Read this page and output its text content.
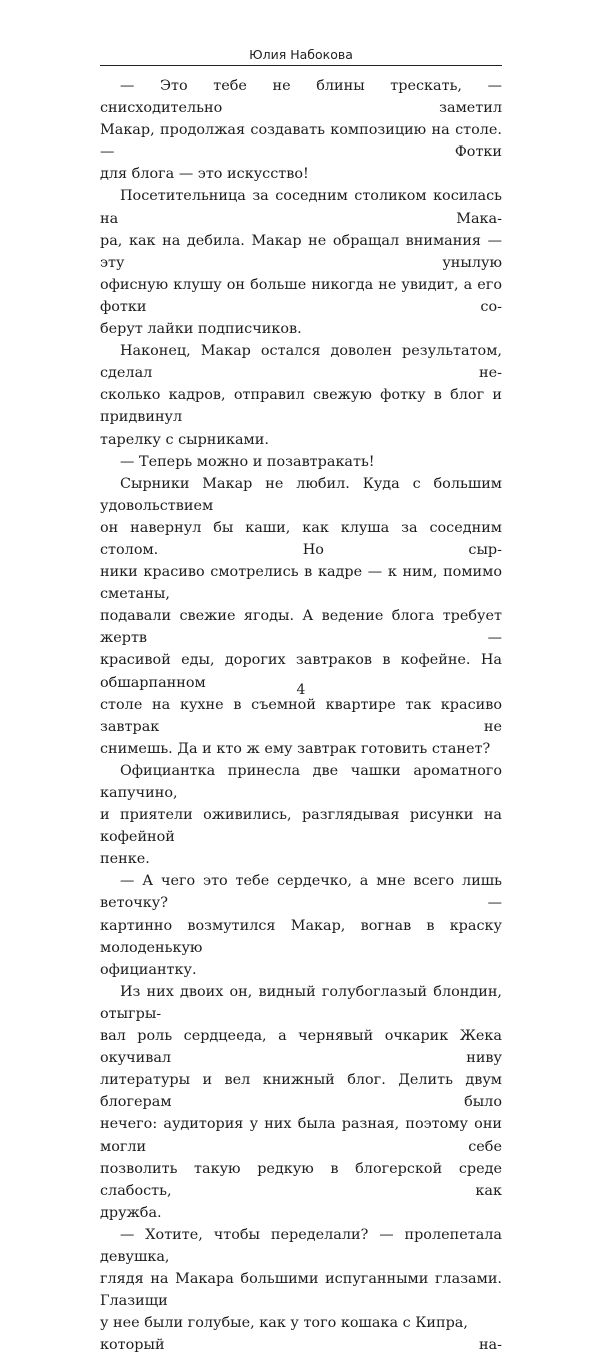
Юлия Набокова

— Это тебе не блины трескать, — снисходительно заметил
Макар, продолжая создавать композицию на столе. — Фотки
для блога — это искусство!

Посетительница за соседним столиком косилась на Мака-
ра, как на дебила. Макар не обращал внимания — эту унылую
офисную клушу он больше никогда не увидит, а его фотки со-
берут лайки подписчиков.

Наконец, Макар остался доволен результатом, сделал не-
сколько кадров, отправил свежую фотку в блог и придвинул
тарелку с сырниками.

— Теперь можно и позавтракать!

Сырники Макар не любил. Куда с большим удовольствием
он навернул бы каши, как клуша за соседним столом. Но сыр-
ники красиво смотрелись в кадре — к ним, помимо сметаны,
подавали свежие ягоды. А ведение блога требует жертв —
красивой еды, дорогих завтраков в кофейне. На обшарпанном
столе на кухне в съемной квартире так красиво завтрак не
снимешь. Да и кто ж ему завтрак готовить станет?

Официантка принесла две чашки ароматного капучино,
и приятели оживились, разглядывая рисунки на кофейной
пенке.

— А чего это тебе сердечко, а мне всего лишь веточку? —
картинно возмутился Макар, вогнав в краску молоденькую
официантку.

Из них двоих он, видный голубоглазый блондин, отыгры-
вал роль сердцееда, а чернявый очкарик Жека окучивал ниву
литературы и вел книжный блог. Делить двум блогерам было
нечего: аудитория у них была разная, поэтому они могли себе
позволить такую редкую в блогерской среде слабость, как
дружба.

— Хотите, чтобы переделали? — пролепетала девушка,
глядя на Макара большими испуганными глазами. Глазищи
у нее были голубые, как у того кошака с Кипра, который на-

4
